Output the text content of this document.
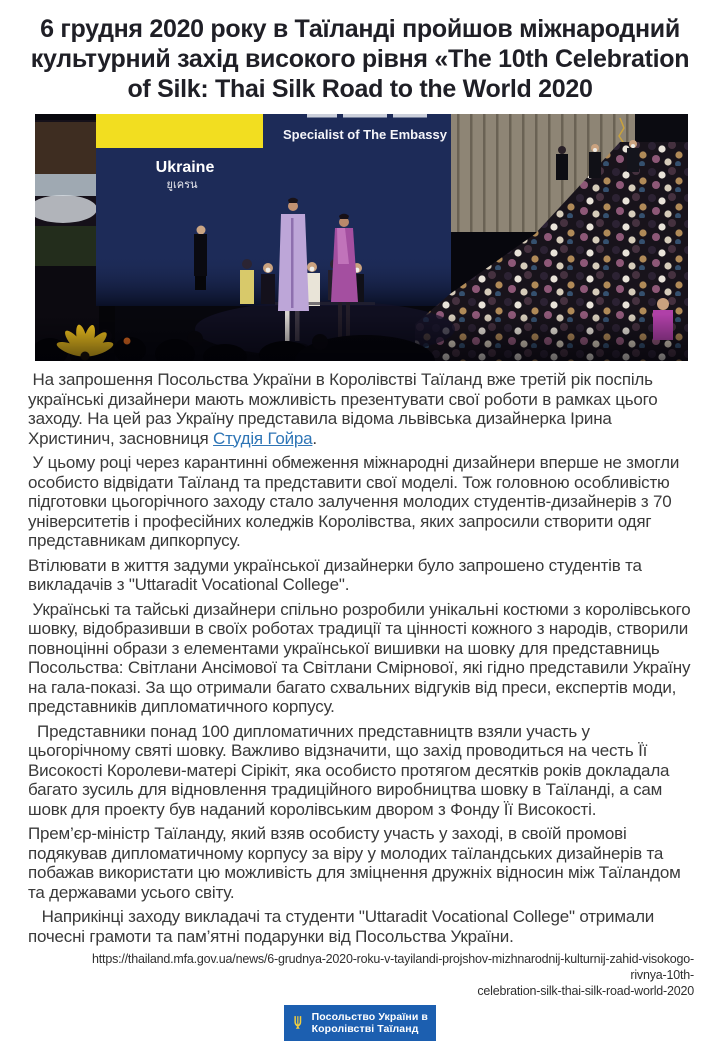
6 грудня 2020 року в Таїланді пройшов міжнародний культурний захід високого рівня «The 10th Celebration of Silk: Thai Silk Road to the World 2020
Specialist of The Embassy
Ukraine
ยูเครน

На запрошення Посольства України в Королівстві Таїланд вже третій рік поспіль українські дизайнери мають можливість презентувати свої роботи в рамках цього заходу. На цей раз Україну представила відома львівська дизайнерка Ірина Христинич, засновниця Студія Гойра.

У цьому році через карантинні обмеження міжнародні дизайнери вперше не змогли особисто відвідати Таїланд та представити свої моделі. Тож головною особливістю підготовки цьогорічного заходу стало залучення молодих студентів-дизайнерів з 70 університетів і професійних коледжів Королівства, яких запросили створити одяг представникам дипкорпусу.

Втілювати в життя задуми української дизайнерки було запрошено студентів та викладачів з "Uttaradit Vocational College".

Українські та тайські дизайнери спільно розробили унікальні костюми з королівського шовку, відобразивши в своїх роботах традиції та цінності кожного з народів, створили повноцінні образи з елементами української вишивки на шовку для представниць Посольства: Світлани Ансімової та Світлани Смірнової, які гідно представили Україну на гала-показі. За що отримали багато схвальних відгуків від преси, експертів моди, представників дипломатичного корпусу.

Представники понад 100 дипломатичних представництв взяли участь у цьогорічному святі шовку. Важливо відзначити, що захід проводиться на честь Її Високості Королеви-матері Сірікіт, яка особисто протягом десятків років докладала багато зусиль для відновлення традиційного виробництва шовку в Таїланді, а сам шовк для проекту був наданий королівським двором з Фонду Її Високості.

Прем’єр-міністр Таїланду, який взяв особисту участь у заході, в своїй промові подякував дипломатичному корпусу за віру у молодих таїландських дизайнерів та побажав використати цю можливість для зміцнення дружніх відносин між Таїландом та державами усього світу.

Наприкінці заходу викладачі та студенти "Uttaradit Vocational College" отримали почесні грамоти та пам’ятні подарунки від Посольства України.

https://thailand.mfa.gov.ua/news/6-grudnya-2020-roku-v-tayilandi-projshov-mizhnarodnij-kulturnij-zahid-visokogo-rivnya-10th-
celebration-silk-thai-silk-road-world-2020
Посольство України в
Королівстві Таїланд
